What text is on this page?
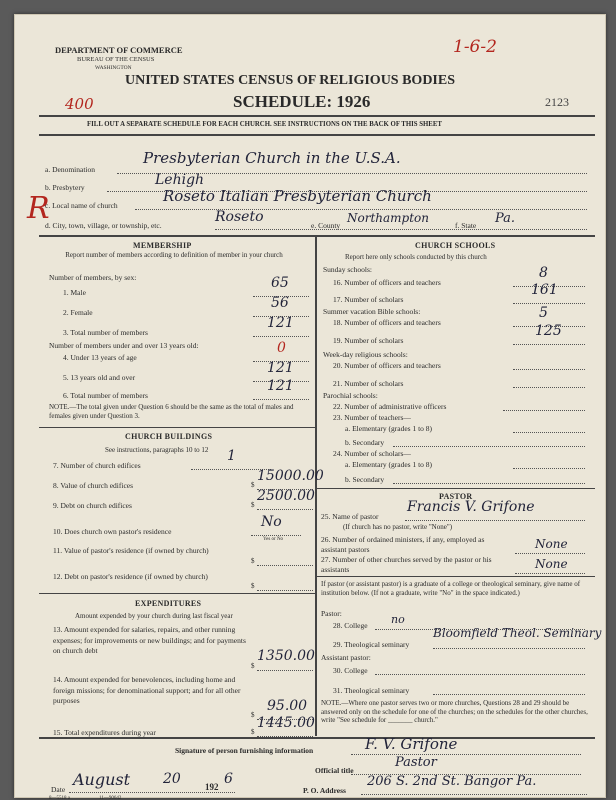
DEPARTMENT OF COMMERCE
BUREAU OF THE CENSUS
WASHINGTON
1-6-2
UNITED STATES CENSUS OF RELIGIOUS BODIES
SCHEDULE: 1926
400	2123
FILL OUT A SEPARATE SCHEDULE FOR EACH CHURCH. SEE INSTRUCTIONS ON THE BACK OF THIS SHEET
R
a. Denomination
Presbyterian Church in the U.S.A.
b. Presbytery	Lehigh
c. Local name of church
Roseto Italian Presbyterian Church
d. City, town, village, or township, etc.
Roseto
e. County
Northampton
f. State Pa.
MEMBERSHIP
Report number of members according to definition of member in your church
Number of members, by sex:
1. Male
65
2. Female
56
3. Total number of members
121
Number of members under and over 13 years old:
4. Under 13 years of age
0
5. 13 years old and over
121
6. Total number of members
121
NOTE.—The total given under Question 6 should be the same as the total of males and females given under Question 3.
CHURCH BUILDINGS
See instructions, paragraphs 10 to 12
7. Number of church edifices
1
8. Value of church edifices	$
15000.00
9. Debt on church edifices	$
2500.00
10. Does church own pastor's residence
No
Yes or No
11. Value of pastor's residence (if owned by church)
$
12. Debt on pastor's residence (if owned by church)
$
EXPENDITURES
Amount expended by your church during last fiscal year
13. Amount expended for salaries, repairs, and other running expenses; for improvements or new buildings; and for payments on church debt
$
1350.00
14. Amount expended for benevolences, including home and foreign missions; for denominational support; and for all other purposes
$
95.00
15. Total expenditures during year	$
1445.00
CHURCH SCHOOLS
Report here only schools conducted by this church
Sunday schools:
16. Number of officers and teachers
8
17. Number of scholars
161
Summer vacation Bible schools:
18. Number of officers and teachers
5
19. Number of scholars
125
Week-day religious schools:
20. Number of officers and teachers
21. Number of scholars
Parochial schools:
22. Number of administrative officers
23. Number of teachers—
a. Elementary (grades 1 to 8)
b. Secondary
24. Number of scholars—
a. Elementary (grades 1 to 8)
b. Secondary
PASTOR
25. Name of pastor
Francis V. Grifone
(If church has no pastor, write "None")
26. Number of ordained ministers, if any, employed as assistant pastors	None
27. Number of other churches served by the pastor or his assistants	None
If pastor (or assistant pastor) is a graduate of a college or theological seminary, give name of institution below. (If not a graduate, write "No" in the space indicated.)
Pastor:
28. College no
29. Theological seminary
Bloomfield Theol. Seminary
Assistant pastor:
30. College
31. Theological seminary
NOTE.—Where one pastor serves two or more churches, Questions 28 and 29 should be answered only on the schedule for one of the churches; on the schedules for the other churches, write "See schedule for _______ church."
Signature of person furnishing information	F. V. Grifone
Official title
Pastor
Date
August 20	192 6
P. O. Address
206 S. 2nd St. Bangor Pa.
8—5518 a	11—90642
